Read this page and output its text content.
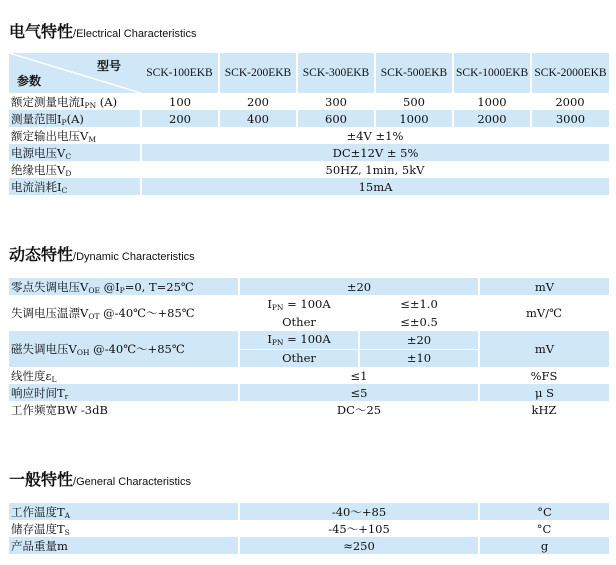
电气特性/Electrical Characteristics
型号
参数	SCK-100EKB	SCK-200EKB	SCK-300EKB	SCK-500EKB	SCK-1000EKB	SCK-2000EKB
额定测量电流$I_{PN}$ (A)	100	200	300	500	1000	2000
测量范围$I_P(A)$	200	400	600	1000	2000	3000
额定输出电压$V_M$	±4V ±1%					
电源电压$V_C$	DC±12V ± 5%					
绝缘电压$V_D$	50HZ, 1min, 5kV					
电流消耗$I_C$	15mA					
动态特性/Dynamic Characteristics
零点失调电压$V_{OE}$ $@I_P=0$, T=25℃	±20		mV
失调电压温漂$V_{OT}$ @-40℃～+85℃	$I_{PN} = 100A$	≤±1.0	mV/℃
	Other	≤±0.5	
磁失调电压$V_{OH}$ @-40℃～+85℃	$I_{PN} = 100A$	±20	mV
	Other	±10	
线性度$\varepsilon_L$	≤1		%FS
响应时间$T_r$	≤5		μ S
工作频宽BW -3dB	DC～25		kHZ
一般特性/General Characteristics
工作温度$T_A$	-40～+85	°C
储存温度$T_S$	-45～+105	°C
产品重量m	≈250	g
